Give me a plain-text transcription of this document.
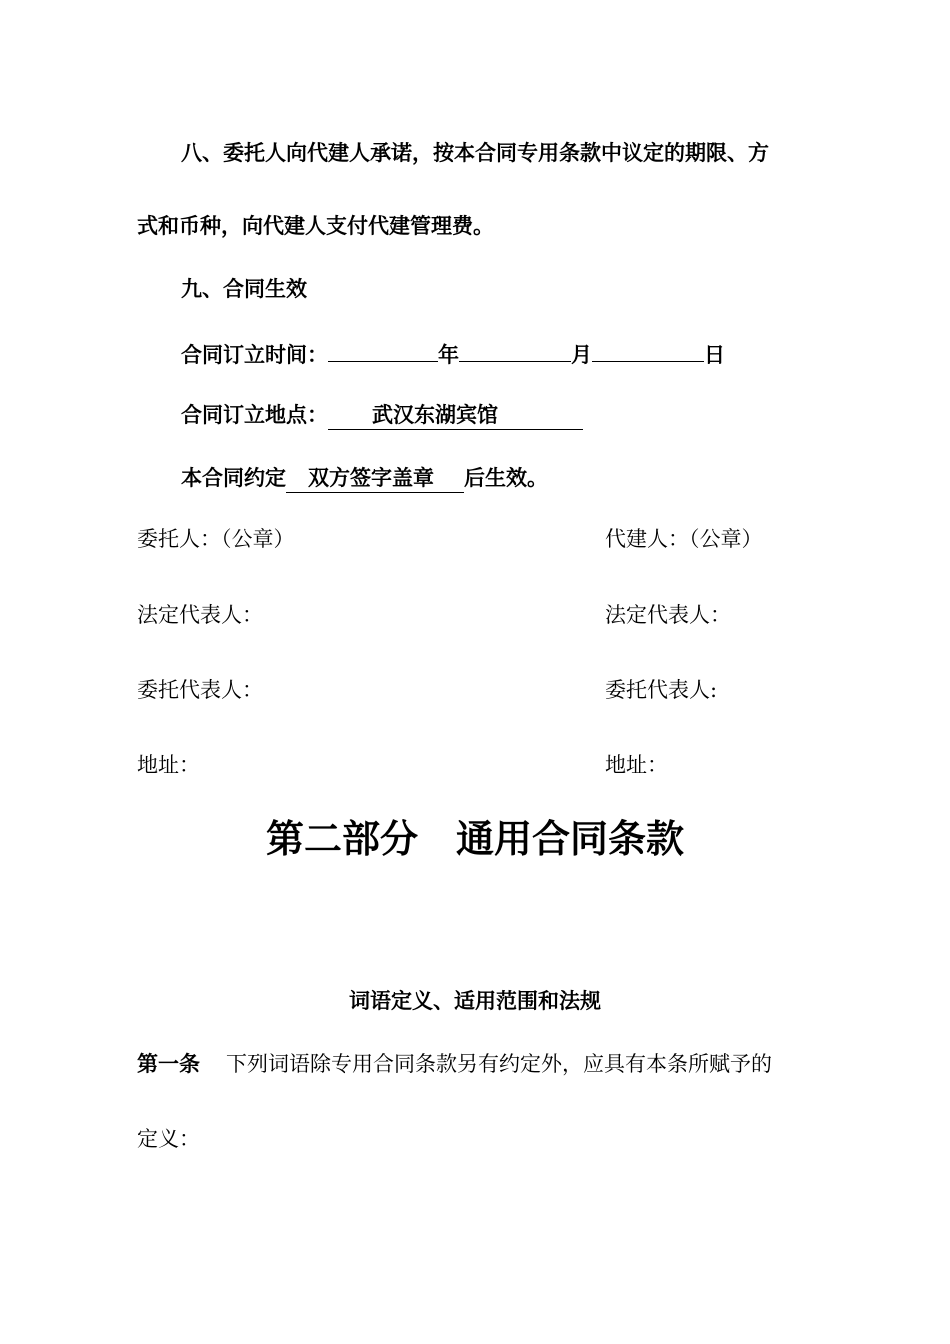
八、委托人向代建人承诺，按本合同专用条款中议定的期限、方
式和币种，向代建人支付代建管理费。
九、合同生效
合同订立时间：	年	月	日
合同订立地点： 武汉东湖宾馆
本合同约定 双方签字盖章 后生效。
委托人：（公章）	代建人：（公章）
法定代表人：	法定代表人：
委托代表人：	委托代表人:
地址：	地址：
第二部分　通用合同条款
词语定义、适用范围和法规
第一条 下列词语除专用合同条款另有约定外，应具有本条所赋予的
定义：
